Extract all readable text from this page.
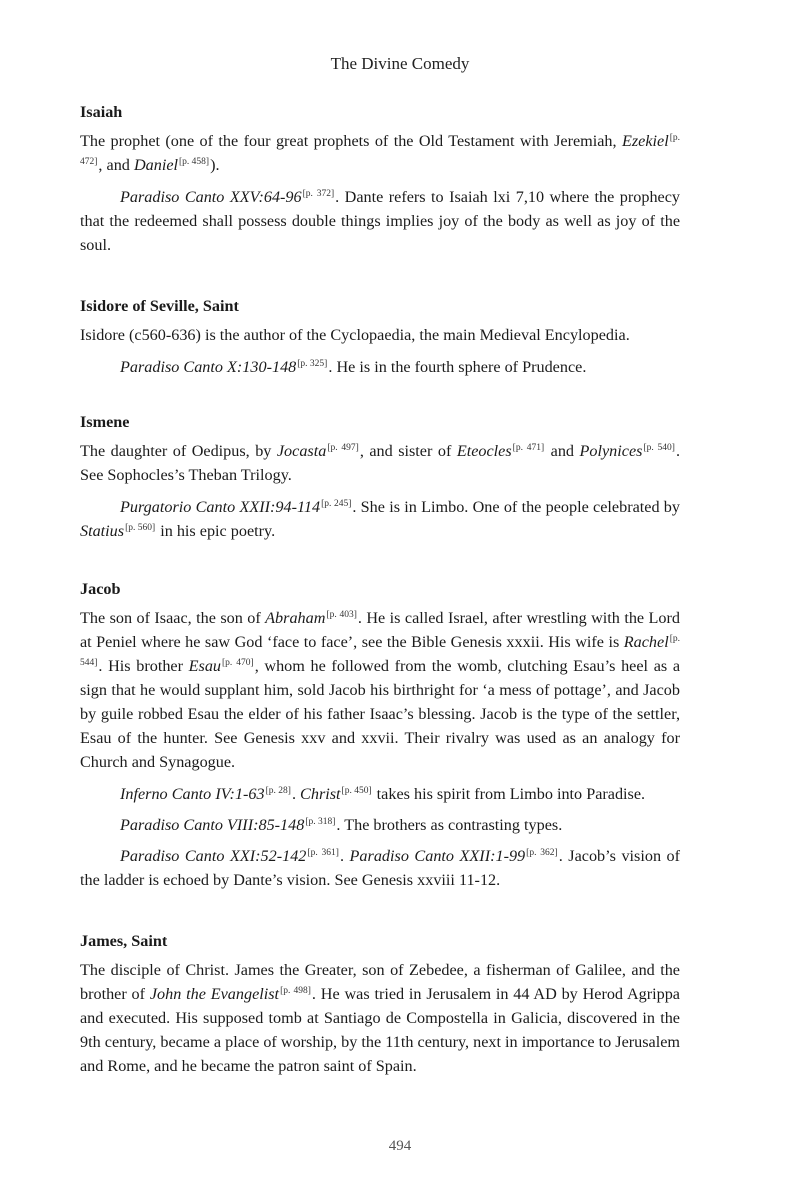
The Divine Comedy

Isaiah

The prophet (one of the four great prophets of the Old Testament with Jeremiah, Ezekiel[p. 472], and Daniel[p. 458]).

Paradiso Canto XXV:64-96[p. 372]. Dante refers to Isaiah lxi 7,10 where the prophecy that the redeemed shall possess double things implies joy of the body as well as joy of the soul.

Isidore of Seville, Saint

Isidore (c560-636) is the author of the Cyclopaedia, the main Medieval Encylopedia.

Paradiso Canto X:130-148[p. 325]. He is in the fourth sphere of Prudence.

Ismene

The daughter of Oedipus, by Jocasta[p. 497], and sister of Eteocles[p. 471] and Polynices[p. 540]. See Sophocles’s Theban Trilogy.

Purgatorio Canto XXII:94-114[p. 245]. She is in Limbo. One of the people celebrated by Statius[p. 560] in his epic poetry.

Jacob

The son of Isaac, the son of Abraham[p. 403]. He is called Israel, after wrestling with the Lord at Peniel where he saw God ‘face to face’, see the Bible Genesis xxxii. His wife is Rachel[p. 544]. His brother Esau[p. 470], whom he followed from the womb, clutching Esau’s heel as a sign that he would supplant him, sold Jacob his birthright for ‘a mess of pottage’, and Jacob by guile robbed Esau the elder of his father Isaac’s blessing. Jacob is the type of the settler, Esau of the hunter. See Genesis xxv and xxvii. Their rivalry was used as an analogy for Church and Synagogue.

Inferno Canto IV:1-63[p. 28]. Christ[p. 450] takes his spirit from Limbo into Paradise.

Paradiso Canto VIII:85-148[p. 318]. The brothers as contrasting types.

Paradiso Canto XXI:52-142[p. 361]. Paradiso Canto XXII:1-99[p. 362]. Jacob’s vision of the ladder is echoed by Dante’s vision. See Genesis xxviii 11-12.

James, Saint

The disciple of Christ. James the Greater, son of Zebedee, a fisherman of Galilee, and the brother of John the Evangelist[p. 498]. He was tried in Jerusalem in 44 AD by Herod Agrippa and executed. His supposed tomb at Santiago de Compostella in Galicia, discovered in the 9th century, became a place of worship, by the 11th century, next in importance to Jerusalem and Rome, and he became the patron saint of Spain.

494
